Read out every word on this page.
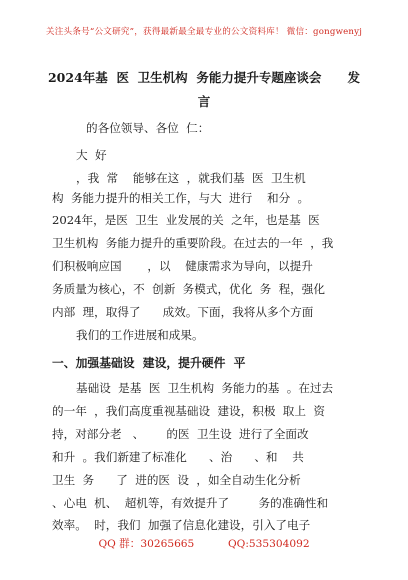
关注头条号“公文研究”，获得最新最全最专业的公文资料库！ 微信：gongwenyj
2024年基  医  卫生机构  务能力提升专题座谈会      发
言
的各位领导、各位  仁：
大  好
，我  常    能够在这  ，就我们基  医  卫生机
构  务能力提升的相关工作，与大  进行    和分  。
2024年，是医  卫生  业发展的关  之年，也是基  医
卫生机构  务能力提升的重要阶段。在过去的一年  ，我
们积极响应国       ，以    健康需求为导向，以提升
务质量为核心，不  创新  务模式，优化  务  程，强化
内部  理，取得了      成效。下面，我将从多个方面
我们的工作进展和成果。
一、加强基础设  建设，提升硬件  平
基础设  是基  医  卫生机构  务能力的基  。在过去
的一年  ，我们高度重视基础设  建设，积极  取上  资
持，对部分老   、      的医  卫生设  进行了全面改
和升  。我们新建了标准化      、治      、和    共
卫生  务      了  进的医  设  ，如全自动生化分析
、心电  机、  超机等，有效提升了        务的准确性和
效率。  时，我们  加强了信息化建设，引入了电子
QQ 群：30265665          QQ:535304092
